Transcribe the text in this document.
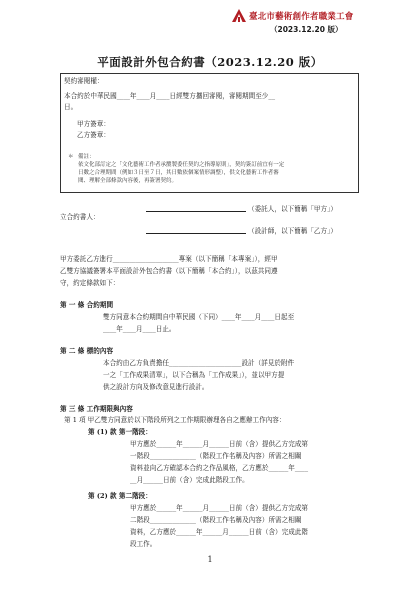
臺北市藝術創作者職業工會
（2023.12.20 版）
平面設計外包合約書（2023.12.20 版）
契約審閱權：
本合約於中華民國____年____月____日經雙方攜回審閱，審閱期間至少__
日。
甲方簽章：
乙方簽章：
＊ 備註：
依文化部訂定之「文化藝術工作者承攬製委任契約之指導原則」，契約簽訂前宜有一定
日數之合理期間（例如３日至７日，其日數依個案情形調整），供文化藝術工作者審
閱、理解全部條款內容後，再簽署契約。
（委託人，以下簡稱「甲方」）
立合約書人：
（設計師，以下簡稱「乙方」）
甲方委託乙方進行____________________專案（以下簡稱「本專案」），經甲
乙雙方協議簽署本平面設計外包合約書（以下簡稱「本合約」），以茲共同遵
守，約定條款如下：
第 一 條 合約期間
雙方同意本合約期間自中華民國（下同）____年____月____日起至
____年____月____日止。
第 二 條 標的內容
本合約由乙方負責擔任______________________設計（詳見於附件
一之「工作成果清單」，以下合稱為「工作成果」），並以甲方提
供之設計方向及修改意見進行設計。
第 三 條 工作期限與內容
第 1 項 甲乙雙方同意於以下階段所列之工作期限辦理各自之應辦工作內容：
第 (1) 款 第一階段：
甲方應於______年______月______日前（含）提供乙方完成第
一階段______________（階段工作名稱及內容）所需之相關
資料並向乙方確認本合約之作品風格，乙方應於______年____
__月______日前（含）完成此階段工作。
第 (2) 款 第二階段：
甲方應於______年______月______日前（含）提供乙方完成第
二階段______________（階段工作名稱及內容）所需之相關
資料，乙方應於______年______月______日前（含）完成此階
段工作。
1
